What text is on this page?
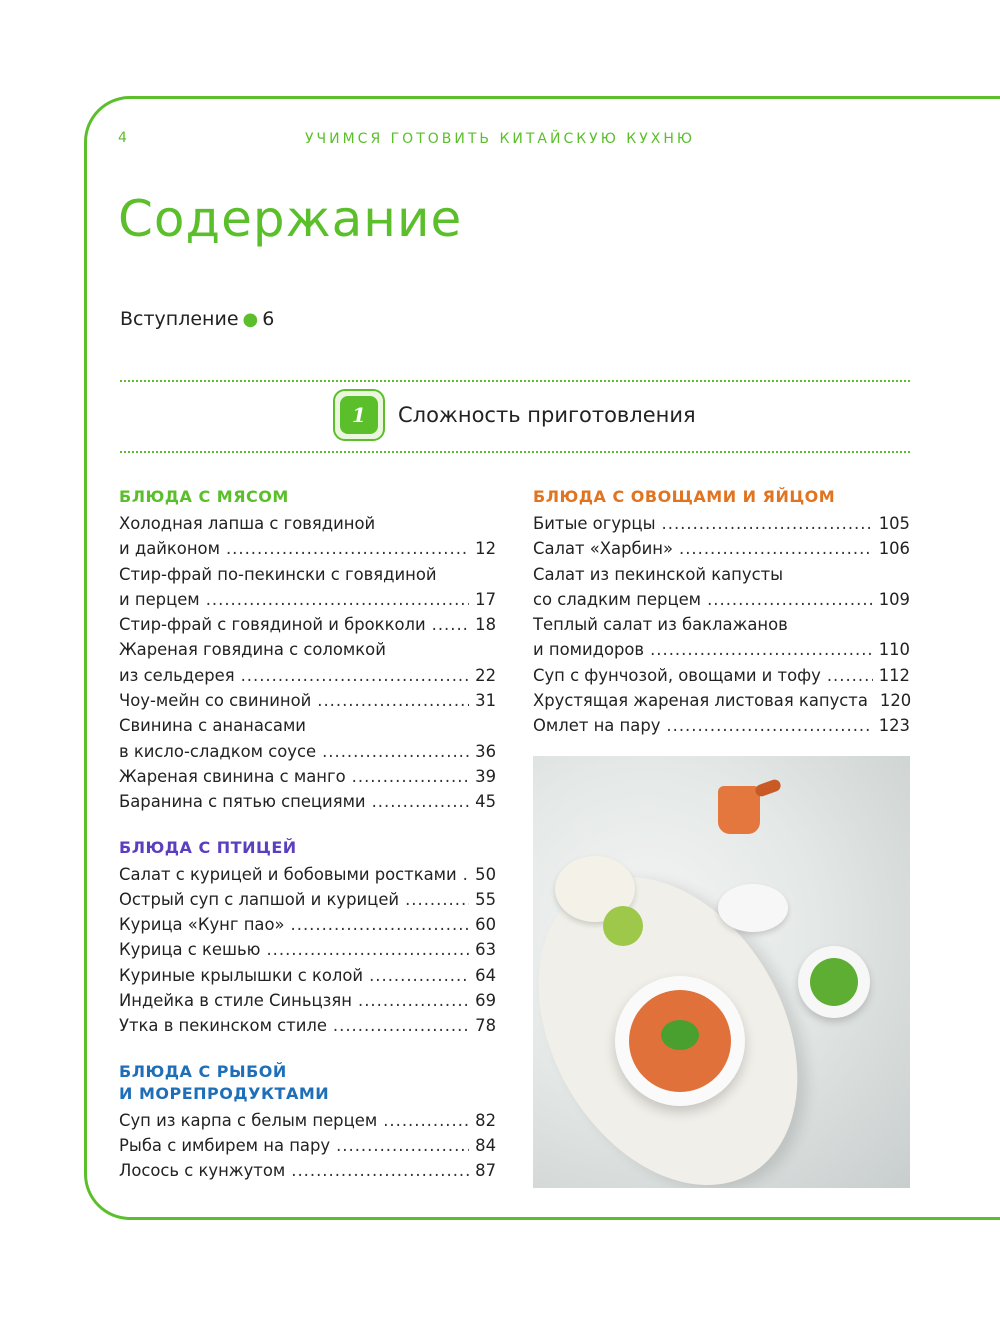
4	УЧИМСЯ ГОТОВИТЬ КИТАЙСКУЮ КУХНЮ
Содержание
Вступление ● 6
1	Сложность приготовления
БЛЮДА С МЯСОМ
Холодная лапша с говядиной
и дайконом .....	12
Стир-фрай по-пекински с говядиной
и перцем .....	17
Стир-фрай с говядиной и брокколи .....	18
Жареная говядина с соломкой
из сельдерея .....	22
Чоу-мейн со свининой .....	31
Свинина с ананасами
в кисло-сладком соусе .....	36
Жареная свинина с манго .....	39
Баранина с пятью специями .....	45
БЛЮДА С ПТИЦЕЙ
Салат с курицей и бобовыми ростками ..... 50
Острый суп с лапшой и курицей .....	55
Курица «Кунг пао» .....	60
Курица с кешью .....	63
Куриные крылышки с колой .....	64
Индейка в стиле Синьцзян .....	69
Утка в пекинском стиле .....	78
БЛЮДА С РЫБОЙ
И МОРЕПРОДУКТАМИ
Суп из карпа с белым перцем .....	82
Рыба с имбирем на пару .....	84
Лосось с кунжутом .....	87
БЛЮДА С ОВОЩАМИ И ЯЙЦОМ
Битые огурцы .....	105
Салат «Харбин» .....	106
Салат из пекинской капусты
со сладким перцем .....	109
Теплый салат из баклажанов
и помидоров .....	110
Суп с фунчозой, овощами и тофу .....	112
Хрустящая жареная листовая капуста 120
Омлет на пару .....	123
